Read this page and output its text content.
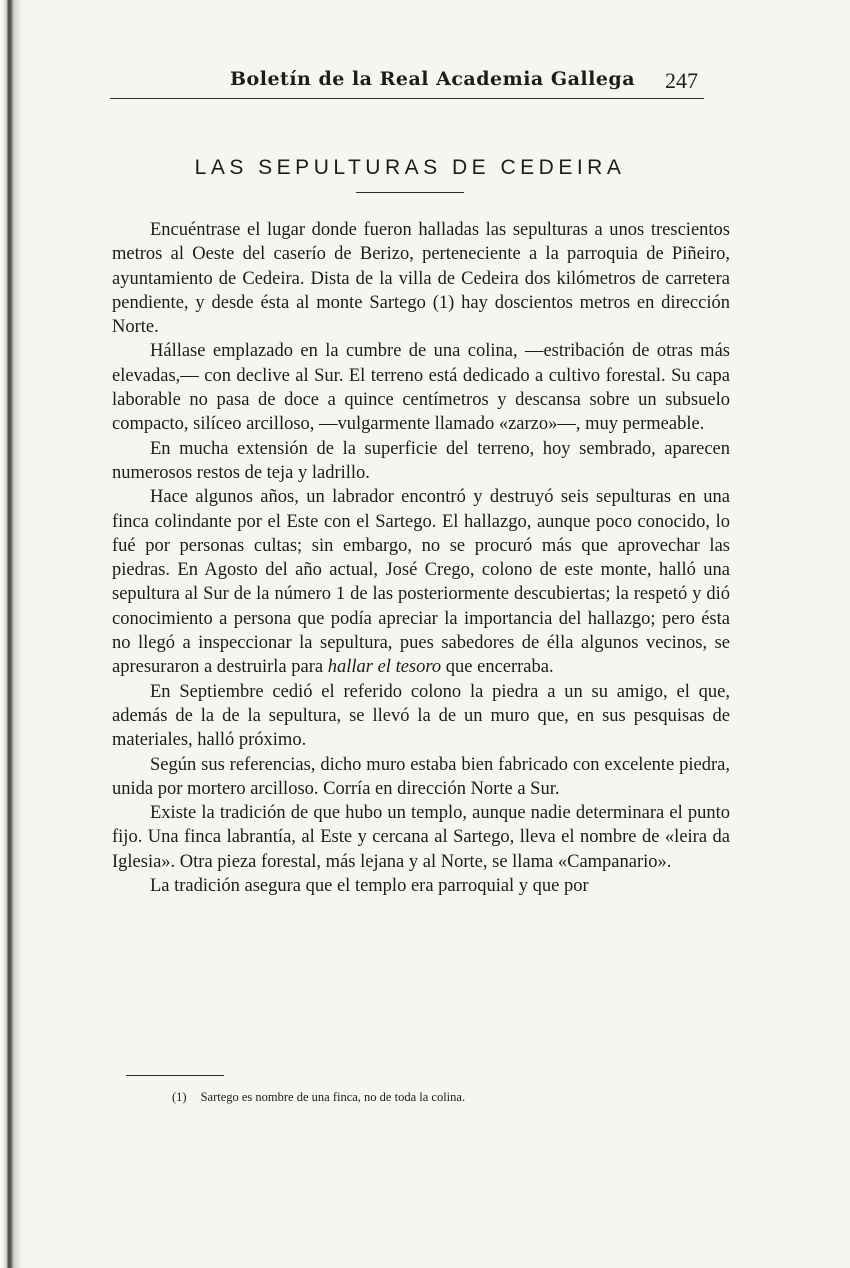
Boletín de la Real Academia Gallega 247
LAS SEPULTURAS DE CEDEIRA

Encuéntrase el lugar donde fueron halladas las sepulturas a unos trescientos metros al Oeste del caserío de Berizo, perteneciente a la parroquia de Piñeiro, ayuntamiento de Cedeira. Dista de la villa de Cedeira dos kilómetros de carretera pendiente, y desde ésta al monte Sartego (1) hay doscientos metros en dirección Norte.

Hállase emplazado en la cumbre de una colina, —estribación de otras más elevadas,— con declive al Sur. El terreno está dedicado a cultivo forestal. Su capa laborable no pasa de doce a quince centímetros y descansa sobre un subsuelo compacto, silíceo arcilloso, —vulgarmente llamado «zarzo»—, muy permeable.

En mucha extensión de la superficie del terreno, hoy sembrado, aparecen numerosos restos de teja y ladrillo.

Hace algunos años, un labrador encontró y destruyó seis sepulturas en una finca colindante por el Este con el Sartego. El hallazgo, aunque poco conocido, lo fué por personas cultas; sin embargo, no se procuró más que aprovechar las piedras. En Agosto del año actual, José Crego, colono de este monte, halló una sepultura al Sur de la número 1 de las posteriormente descubiertas; la respetó y dió conocimiento a persona que podía apreciar la importancia del hallazgo; pero ésta no llegó a inspeccionar la sepultura, pues sabedores de élla algunos vecinos, se apresuraron a destruirla para hallar el tesoro que encerraba.

En Septiembre cedió el referido colono la piedra a un su amigo, el que, además de la de la sepultura, se llevó la de un muro que, en sus pesquisas de materiales, halló próximo.

Según sus referencias, dicho muro estaba bien fabricado con excelente piedra, unida por mortero arcilloso. Corría en dirección Norte a Sur.

Existe la tradición de que hubo un templo, aunque nadie determinara el punto fijo. Una finca labrantía, al Este y cercana al Sartego, lleva el nombre de «leira da Iglesia». Otra pieza forestal, más lejana y al Norte, se llama «Campanario».

La tradición asegura que el templo era parroquial y que por

(1) Sartego es nombre de una finca, no de toda la colina.
